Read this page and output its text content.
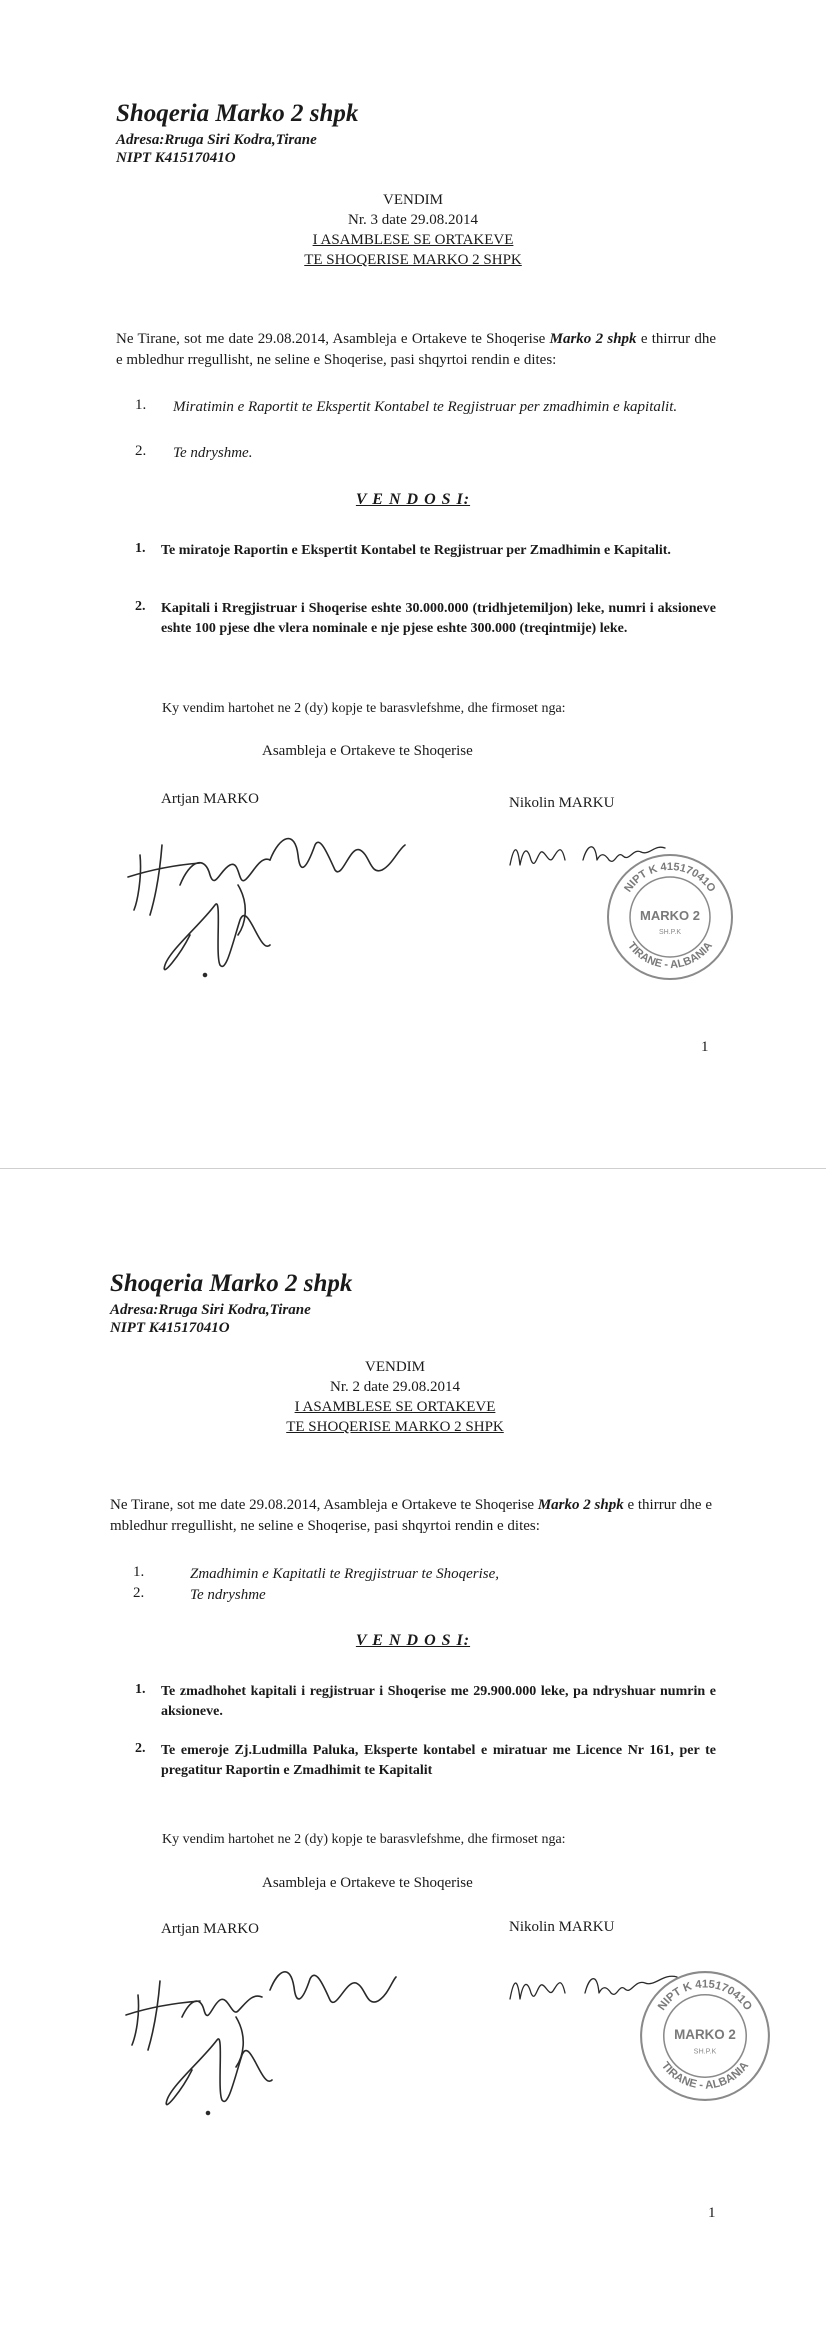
Shoqeria Marko 2 shpk
Adresa:Rruga Siri Kodra,Tirane
NIPT K41517041O
VENDIM
Nr. 3 date 29.08.2014
I ASAMBLESE SE ORTAKEVE
TE SHOQERISE MARKO 2 SHPK
Ne Tirane, sot me date 29.08.2014, Asambleja e Ortakeve te Shoqerise Marko 2 shpk e thirrur dhe e mbledhur rregullisht, ne seline e Shoqerise, pasi shqyrtoi rendin e dites:
1. Miratimin e Raportit te Ekspertit Kontabel te Regjistruar per zmadhimin e kapitalit.
2. Te ndryshme.
V E N D O S I:
1. Te miratoje Raportin e Ekspertit Kontabel te Regjistruar per Zmadhimin e Kapitalit.
2. Kapitali i Rregjistruar i Shoqerise eshte 30.000.000 (tridhjetemiljon) leke, numri i aksioneve eshte 100 pjese dhe vlera nominale e nje pjese eshte 300.000 (treqintmije) leke.
Ky vendim hartohet ne 2 (dy) kopje te barasvlefshme, dhe firmoset nga:
Asambleja e Ortakeve te Shoqerise
Artjan MARKO	Nikolin MARKU
NIPT K 41517041O
TIRANE - ALBANIA
MARKO 2
SH.P.K
1
Shoqeria Marko 2 shpk
Adresa:Rruga Siri Kodra,Tirane
NIPT K41517041O
VENDIM
Nr. 2 date 29.08.2014
I ASAMBLESE SE ORTAKEVE
TE SHOQERISE MARKO 2 SHPK
Ne Tirane, sot me date 29.08.2014, Asambleja e Ortakeve te Shoqerise Marko 2 shpk e thirrur dhe e mbledhur rregullisht, ne seline e Shoqerise, pasi shqyrtoi rendin e dites:
1.	Zmadhimin e Kapitatli te Rregjistruar te Shoqerise,
2.	Te ndryshme
V E N D O S I:
1. Te zmadhohet kapitali i regjistruar i Shoqerise me 29.900.000 leke, pa ndryshuar numrin e aksioneve.
2. Te emeroje Zj.Ludmilla Paluka, Eksperte kontabel e miratuar me Licence Nr 161, per te pregatitur Raportin e Zmadhimit te Kapitalit
Ky vendim hartohet ne 2 (dy) kopje te barasvlefshme, dhe firmoset nga:
Asambleja e Ortakeve te Shoqerise
Artjan MARKO	Nikolin MARKU
NIPT K 41517041O
TIRANE - ALBANIA
MARKO 2
SH.P.K
1
